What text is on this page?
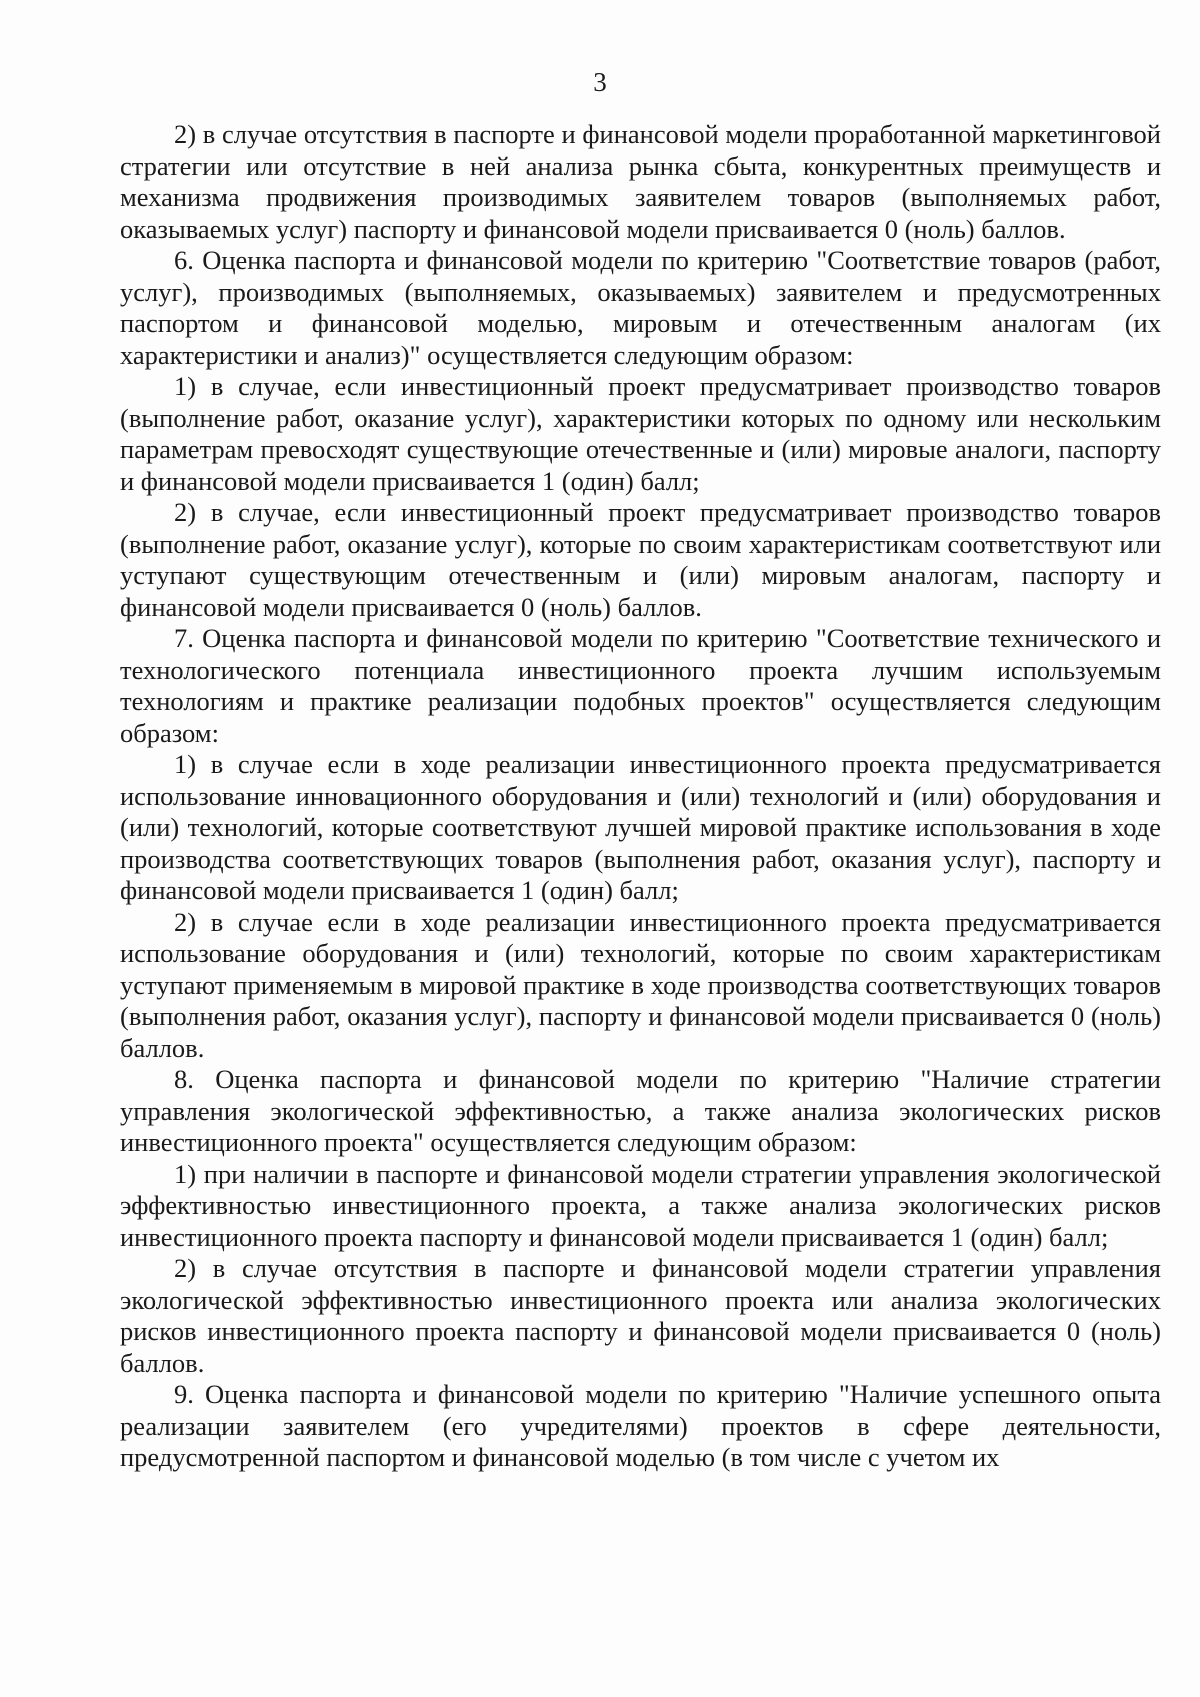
3

2) в случае отсутствия в паспорте и финансовой модели проработанной маркетинговой стратегии или отсутствие в ней анализа рынка сбыта, конкурентных преимуществ и механизма продвижения производимых заявителем товаров (выполняемых работ, оказываемых услуг) паспорту и финансовой модели присваивается 0 (ноль) баллов.

6. Оценка паспорта и финансовой модели по критерию "Соответствие товаров (работ, услуг), производимых (выполняемых, оказываемых) заявителем и предусмотренных паспортом и финансовой моделью, мировым и отечественным аналогам (их характеристики и анализ)" осуществляется следующим образом:

1) в случае, если инвестиционный проект предусматривает производство товаров (выполнение работ, оказание услуг), характеристики которых по одному или нескольким параметрам превосходят существующие отечественные и (или) мировые аналоги, паспорту и финансовой модели присваивается 1 (один) балл;

2) в случае, если инвестиционный проект предусматривает производство товаров (выполнение работ, оказание услуг), которые по своим характеристикам соответствуют или уступают существующим отечественным и (или) мировым аналогам, паспорту и финансовой модели присваивается 0 (ноль) баллов.

7. Оценка паспорта и финансовой модели по критерию "Соответствие технического и технологического потенциала инвестиционного проекта лучшим используемым технологиям и практике реализации подобных проектов" осуществляется следующим образом:

1) в случае если в ходе реализации инвестиционного проекта предусматривается использование инновационного оборудования и (или) технологий и (или) оборудования и (или) технологий, которые соответствуют лучшей мировой практике использования в ходе производства соответствующих товаров (выполнения работ, оказания услуг), паспорту и финансовой модели присваивается 1 (один) балл;

2) в случае если в ходе реализации инвестиционного проекта предусматривается использование оборудования и (или) технологий, которые по своим характеристикам уступают применяемым в мировой практике в ходе производства соответствующих товаров (выполнения работ, оказания услуг), паспорту и финансовой модели присваивается 0 (ноль) баллов.

8. Оценка паспорта и финансовой модели по критерию "Наличие стратегии управления экологической эффективностью, а также анализа экологических рисков инвестиционного проекта" осуществляется следующим образом:

1) при наличии в паспорте и финансовой модели стратегии управления экологической эффективностью инвестиционного проекта, а также анализа экологических рисков инвестиционного проекта паспорту и финансовой модели присваивается 1 (один) балл;

2) в случае отсутствия в паспорте и финансовой модели стратегии управления экологической эффективностью инвестиционного проекта или анализа экологических рисков инвестиционного проекта паспорту и финансовой модели присваивается 0 (ноль) баллов.

9. Оценка паспорта и финансовой модели по критерию "Наличие успешного опыта реализации заявителем (его учредителями) проектов в сфере деятельности, предусмотренной паспортом и финансовой моделью (в том числе с учетом их
